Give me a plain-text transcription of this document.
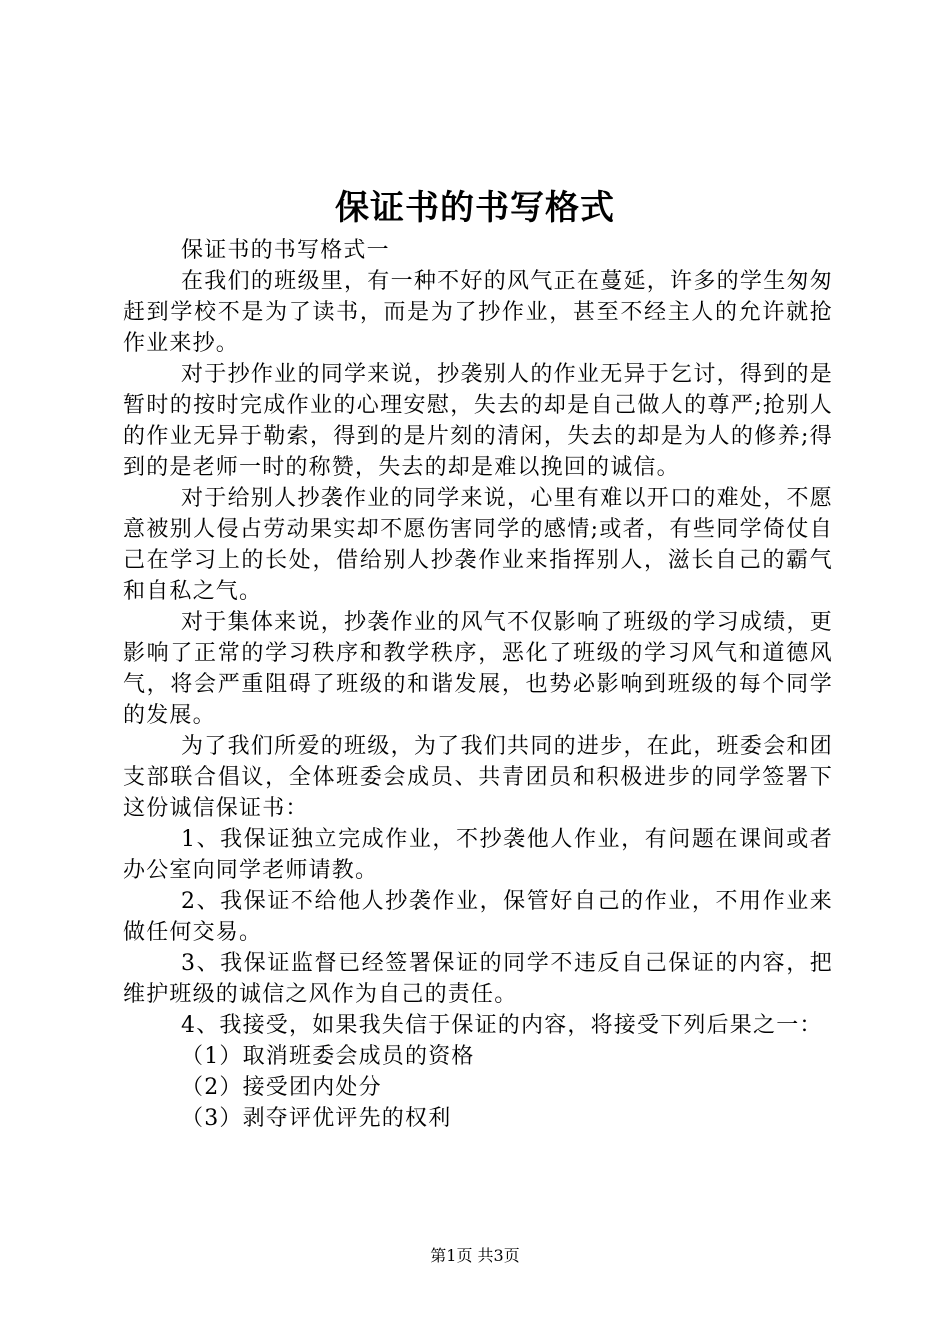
保证书的书写格式

保证书的书写格式一

在我们的班级里，有一种不好的风气正在蔓延，许多的学生匆匆赶到学校不是为了读书，而是为了抄作业，甚至不经主人的允许就抢作业来抄。

对于抄作业的同学来说，抄袭别人的作业无异于乞讨，得到的是暂时的按时完成作业的心理安慰，失去的却是自己做人的尊严;抢别人的作业无异于勒索，得到的是片刻的清闲，失去的却是为人的修养;得到的是老师一时的称赞，失去的却是难以挽回的诚信。

对于给别人抄袭作业的同学来说，心里有难以开口的难处，不愿意被别人侵占劳动果实却不愿伤害同学的感情;或者，有些同学倚仗自己在学习上的长处，借给别人抄袭作业来指挥别人，滋长自己的霸气和自私之气。

对于集体来说，抄袭作业的风气不仅影响了班级的学习成绩，更影响了正常的学习秩序和教学秩序，恶化了班级的学习风气和道德风气，将会严重阻碍了班级的和谐发展，也势必影响到班级的每个同学的发展。

为了我们所爱的班级，为了我们共同的进步，在此，班委会和团支部联合倡议，全体班委会成员、共青团员和积极进步的同学签署下这份诚信保证书：

1、我保证独立完成作业，不抄袭他人作业，有问题在课间或者办公室向同学老师请教。

2、我保证不给他人抄袭作业，保管好自己的作业，不用作业来做任何交易。

3、我保证监督已经签署保证的同学不违反自己保证的内容，把维护班级的诚信之风作为自己的责任。

4、我接受，如果我失信于保证的内容，将接受下列后果之一：

（1）取消班委会成员的资格

（2）接受团内处分

（3）剥夺评优评先的权利

第1页 共3页
